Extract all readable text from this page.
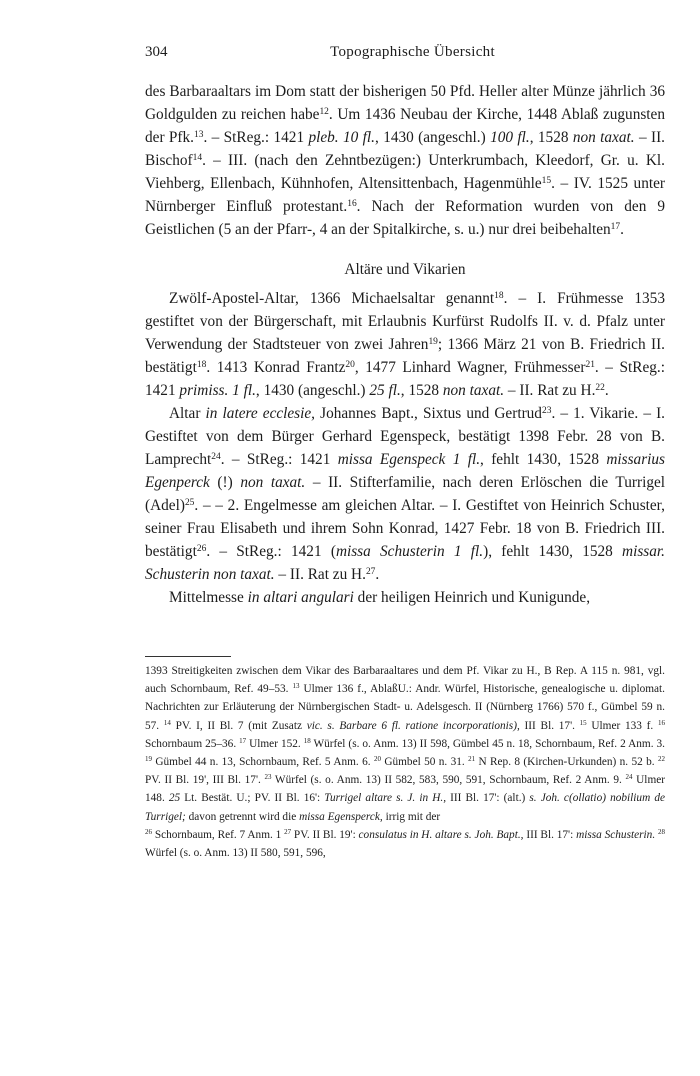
304	Topographische Übersicht

des Barbaraaltars im Dom statt der bisherigen 50 Pfd. Heller alter Münze jährlich 36 Goldgulden zu reichen habe$^{12}$. Um 1436 Neubau der Kirche, 1448 Ablaß zugunsten der Pfk.$^{13}$. – StReg.: 1421 pleb. 10 fl., 1430 (angeschl.) 100 fl., 1528 non taxat. – II. Bischof$^{14}$. – III. (nach den Zehntbezügen:) Unterkrumbach, Kleedorf, Gr. u. Kl. Viehberg, Ellenbach, Kühnhofen, Altensittenbach, Hagenmühle$^{15}$. – IV. 1525 unter Nürnberger Einfluß protestant.$^{16}$. Nach der Reformation wurden von den 9 Geistlichen (5 an der Pfarr-, 4 an der Spitalkirche, s. u.) nur drei beibehalten$^{17}$.

Altäre und Vikarien

Zwölf-Apostel-Altar, 1366 Michaelsaltar genannt$^{18}$. – I. Frühmesse 1353 gestiftet von der Bürgerschaft, mit Erlaubnis Kurfürst Rudolfs II. v. d. Pfalz unter Verwendung der Stadtsteuer von zwei Jahren$^{19}$; 1366 März 21 von B. Friedrich II. bestätigt$^{18}$. 1413 Konrad Frantz$^{20}$, 1477 Linhard Wagner, Frühmesser$^{21}$. – StReg.: 1421 primiss. 1 fl., 1430 (angeschl.) 25 fl., 1528 non taxat. – II. Rat zu H.$^{22}$.

Altar in latere ecclesie, Johannes Bapt., Sixtus und Gertrud$^{23}$. – 1. Vikarie. – I. Gestiftet von dem Bürger Gerhard Egenspeck, bestätigt 1398 Febr. 28 von B. Lamprecht$^{24}$. – StReg.: 1421 missa Egenspeck 1 fl., fehlt 1430, 1528 missarius Egenperck (!) non taxat. – II. Stifterfamilie, nach deren Erlöschen die Turrigel (Adel)$^{25}$. – – 2. Engelmesse am gleichen Altar. – I. Gestiftet von Heinrich Schuster, seiner Frau Elisabeth und ihrem Sohn Konrad, 1427 Febr. 18 von B. Friedrich III. bestätigt$^{26}$. – StReg.: 1421 (missa Schusterin 1 fl.), fehlt 1430, 1528 missar. Schusterin non taxat. – II. Rat zu H.$^{27}$.

Mittelmesse in altari angulari der heiligen Heinrich und Kunigunde,

1393 Streitigkeiten zwischen dem Vikar des Barbaraaltares und dem Pf. Vikar zu H., B Rep. A 115 n. 981, vgl. auch Schornbaum, Ref. 49–53. $^{13}$ Ulmer 136 f., AblaßU.: Andr. Würfel, Historische, genealogische u. diplomat. Nachrichten zur Erläuterung der Nürnbergischen Stadt- u. Adelsgesch. II (Nürnberg 1766) 570 f., Gümbel 59 n. 57. $^{14}$ PV. I, II Bl. 7 (mit Zusatz vic. s. Barbare 6 fl. ratione incorporationis), III Bl. 17'. $^{15}$ Ulmer 133 f. $^{16}$ Schornbaum 25–36. $^{17}$ Ulmer 152. $^{18}$ Würfel (s. o. Anm. 13) II 598, Gümbel 45 n. 18, Schornbaum, Ref. 2 Anm. 3. $^{19}$ Gümbel 44 n. 13, Schornbaum, Ref. 5 Anm. 6. $^{20}$ Gümbel 50 n. 31. $^{21}$ N Rep. 8 (Kirchen-Urkunden) n. 52 b. $^{22}$ PV. II Bl. 19', III Bl. 17'. $^{23}$ Würfel (s. o. Anm. 13) II 582, 583, 590, 591, Schornbaum, Ref. 2 Anm. 9. $^{24}$ Ulmer 148. 25 Lt. Bestät. U.; PV. II Bl. 16': Turrigel altare s. J. in H., III Bl. 17': (alt.) s. Joh. c(ollatio) nobilium de Turrigel; davon getrennt wird die missa Egensperck, irrig mit der

$^{26}$ Schornbaum, Ref. 7 Anm. 1 $^{27}$ PV. II Bl. 19': consulatus in H. altare s. Joh. Bapt., III Bl. 17': missa Schusterin. $^{28}$ Würfel (s. o. Anm. 13) II 580, 591, 596,
